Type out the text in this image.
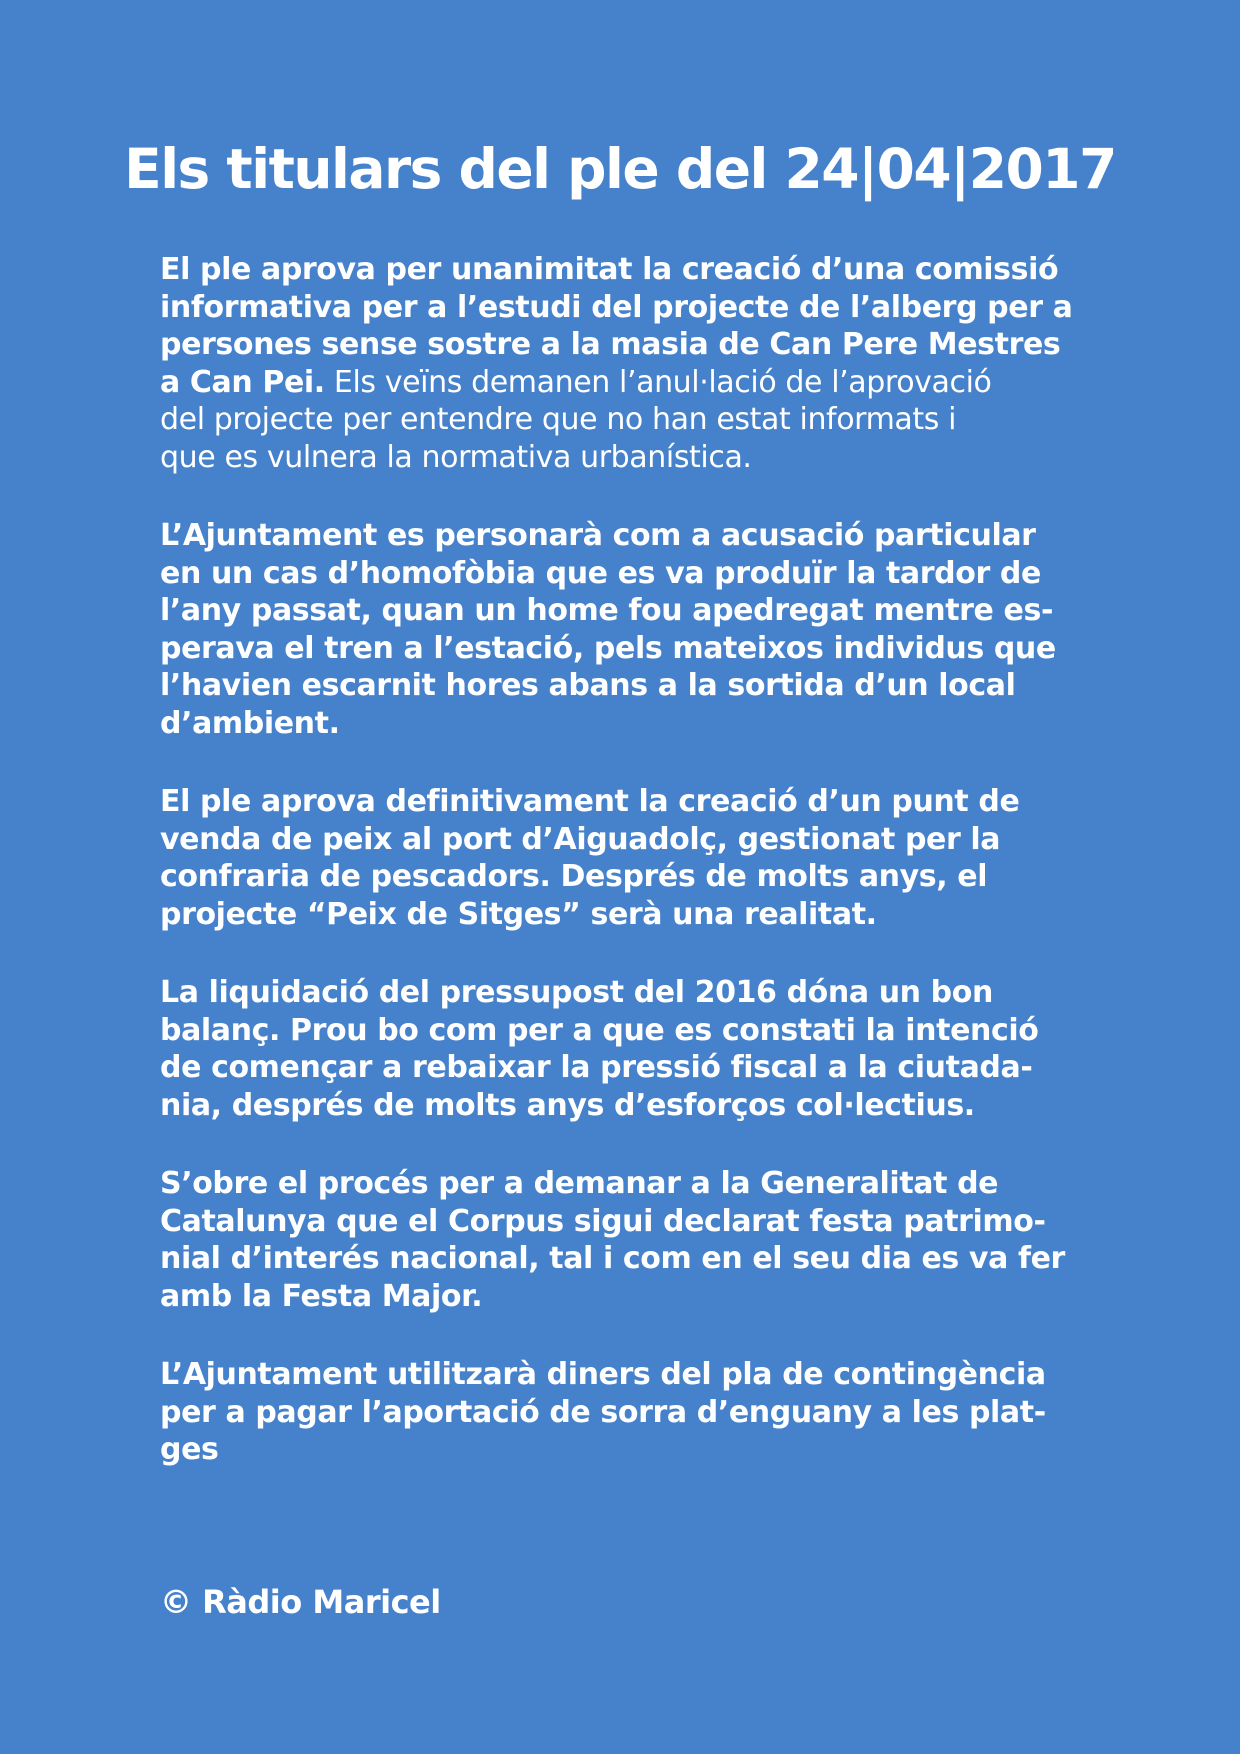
Els titulars del ple del 24|04|2017

El ple aprova per unanimitat la creació d’una comissió
informativa per a l’estudi del projecte de l’alberg per a
persones sense sostre a la masia de Can Pere Mestres
a Can Pei. Els veïns demanen l’anul·lació de l’aprovació
del projecte per entendre que no han estat informats i
que es vulnera la normativa urbanística.

L’Ajuntament es personarà com a acusació particular
en un cas d’homofòbia que es va produïr la tardor de
l’any passat, quan un home fou apedregat mentre es-
perava el tren a l’estació, pels mateixos individus que
l’havien escarnit hores abans a la sortida d’un local
d’ambient.

El ple aprova definitivament la creació d’un punt de
venda de peix al port d’Aiguadolç, gestionat per la
confraria de pescadors. Després de molts anys, el
projecte “Peix de Sitges” serà una realitat.

La liquidació del pressupost del 2016 dóna un bon
balanç. Prou bo com per a que es constati la intenció
de començar a rebaixar la pressió fiscal a la ciutada-
nia, després de molts anys d’esforços col·lectius.

S’obre el procés per a demanar a la Generalitat de
Catalunya que el Corpus sigui declarat festa patrimo-
nial d’interés nacional, tal i com en el seu dia es va fer
amb la Festa Major.

L’Ajuntament utilitzarà diners del pla de contingència
per a pagar l’aportació de sorra d’enguany a les plat-
ges

© Ràdio Maricel
